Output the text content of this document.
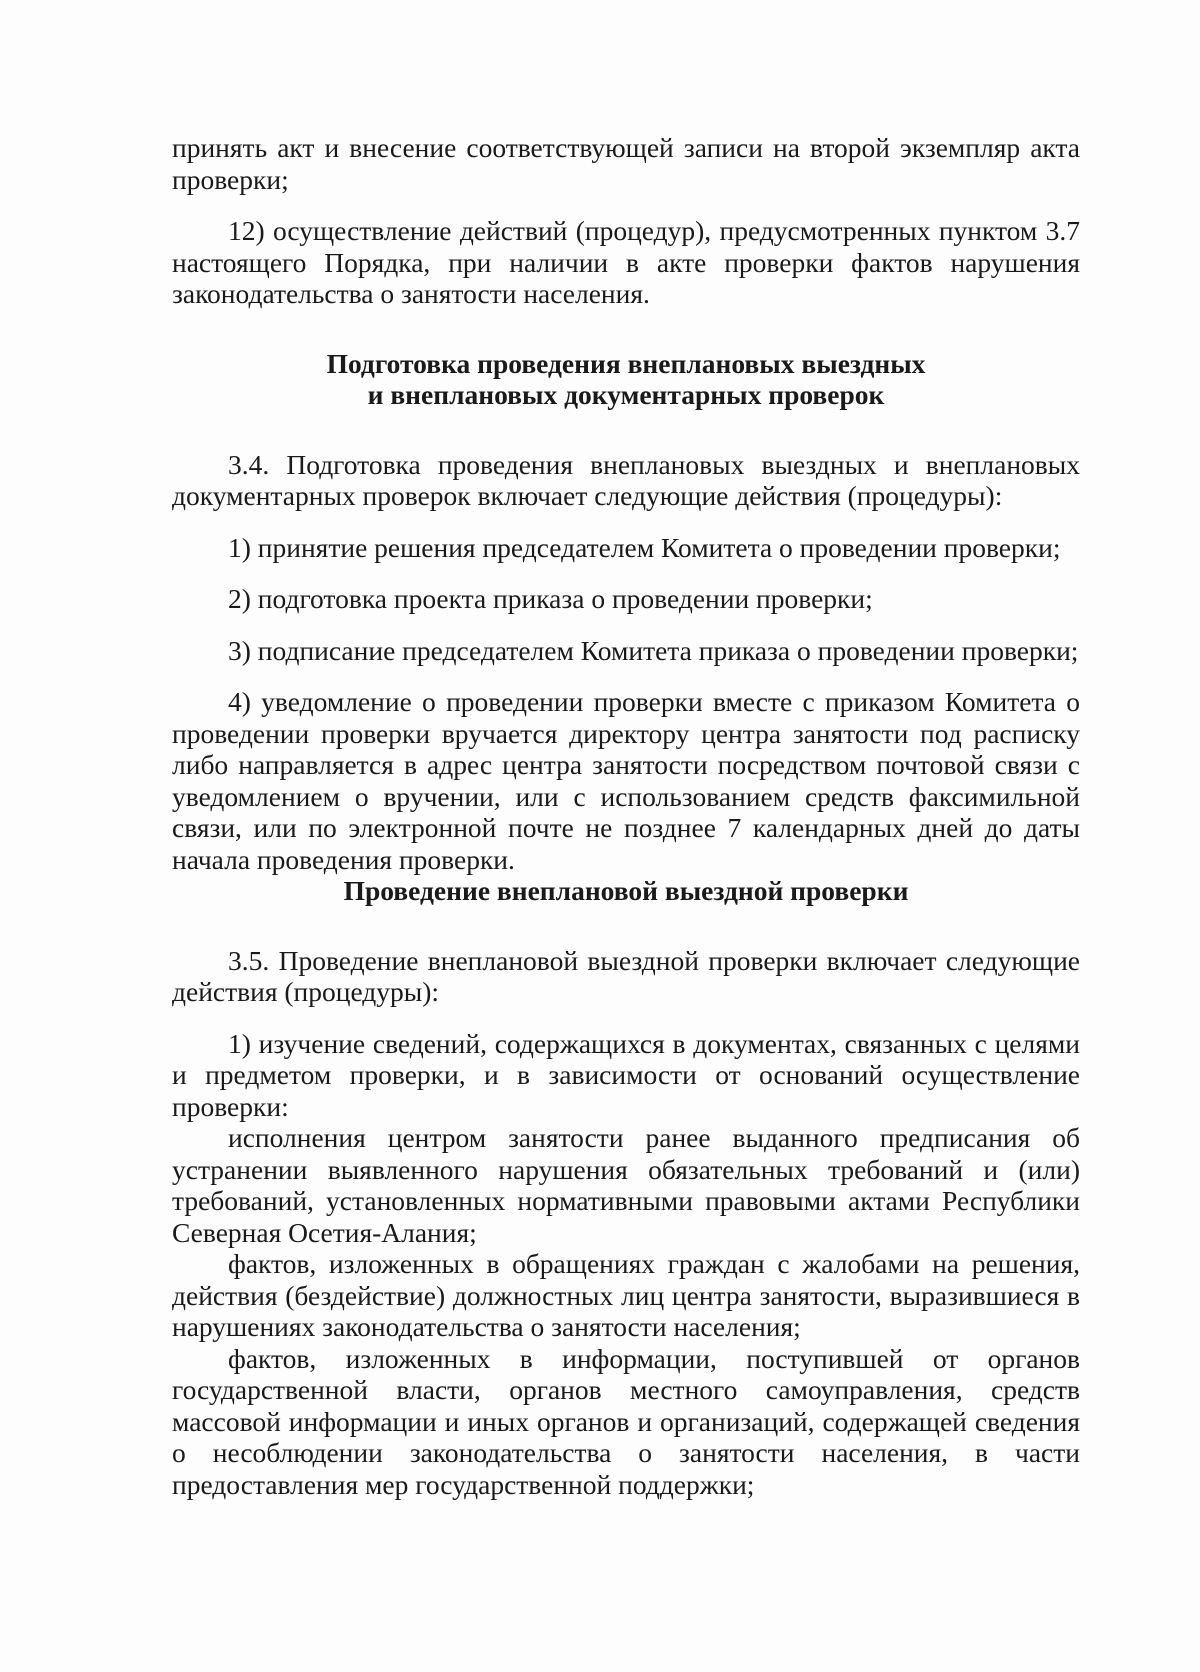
принять акт и внесение соответствующей записи на второй экземпляр акта проверки;

12) осуществление действий (процедур), предусмотренных пунктом 3.7 настоящего Порядка, при наличии в акте проверки фактов нарушения законодательства о занятости населения.

Подготовка проведения внеплановых выездных

и внеплановых документарных проверок

3.4. Подготовка проведения внеплановых выездных и внеплановых документарных проверок включает следующие действия (процедуры):

1) принятие решения председателем Комитета о проведении проверки;

2) подготовка проекта приказа о проведении проверки;

3) подписание председателем Комитета приказа о проведении проверки;

4) уведомление о проведении проверки вместе с приказом Комитета о проведении проверки вручается директору центра занятости под расписку либо направляется в адрес центра занятости посредством почтовой связи с уведомлением о вручении, или с использованием средств факсимильной связи, или по электронной почте не позднее 7 календарных дней до даты начала проведения проверки.

Проведение внеплановой выездной проверки

3.5. Проведение внеплановой выездной проверки включает следующие действия (процедуры):

1) изучение сведений, содержащихся в документах, связанных с целями и предметом проверки, и в зависимости от оснований осуществление проверки:

исполнения центром занятости ранее выданного предписания об устранении выявленного нарушения обязательных требований и (или) требований, установленных нормативными правовыми актами Республики Северная Осетия-Алания;

фактов, изложенных в обращениях граждан с жалобами на решения, действия (бездействие) должностных лиц центра занятости, выразившиеся в нарушениях законодательства о занятости населения;

фактов, изложенных в информации, поступившей от органов государственной власти, органов местного самоуправления, средств массовой информации и иных органов и организаций, содержащей сведения о несоблюдении законодательства о занятости населения, в части предоставления мер государственной поддержки;
